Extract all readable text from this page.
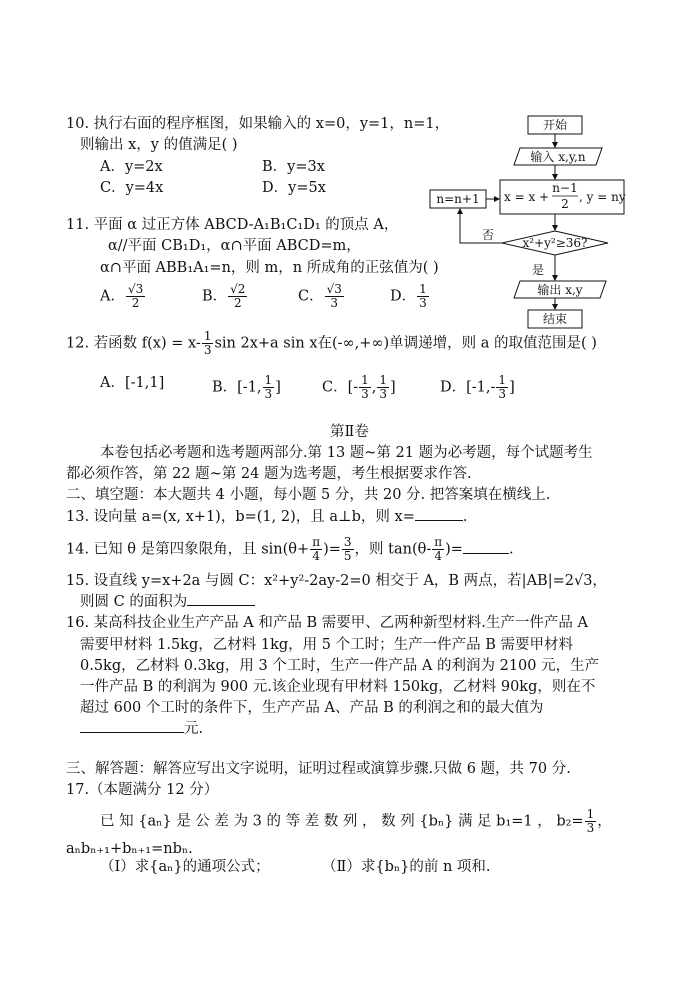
10. 执行右面的程序框图，如果输入的 x=0，y=1，n=1，
则输出 x，y 的值满足( )
A．y=2x	B．y=3x
C．y=4x	D．y=5x
11. 平面 α 过正方体 ABCD-A₁B₁C₁D₁ 的顶点 A，
α//平面 CB₁D₁，α∩平面 ABCD=m，
α∩平面 ABB₁A₁=n，则 m，n 所成角的正弦值为( )
A． $\frac{√3}{2}$	B． $\frac{√2}{2}$	C． $\frac{√3}{3}$	D． $\frac{1}{3}$
12. 若函数 $f(x) = x- \frac{1}{3}$ sin 2x+a sin x在(-∞,+∞)单调递增，则 a 的取值范围是( )
A．[-1,1]	B．[-1, $\frac{1}{3}$ ]	C．[- $\frac{1}{3}$ , $\frac{1}{3}$ ]	D．[$-1,- \frac{1}{3}$ ]
第Ⅱ卷
本卷包括必考题和选考题两部分.第 13 题~第 21 题为必考题，每个试题考生
都必须作答，第 22 题~第 24 题为选考题，考生根据要求作答.
二、填空题：本大题共 4 小题，每小题 5 分，共 20 分. 把答案填在横线上.
13. 设向量 a=(x, x+1)，b=(1, 2)，且 a⊥b，则 x=	.
14. 已知 θ 是第四象限角，且 $\sin(\theta+ \frac{\pi}{4}$ )= $\frac{3}{5}$ ，则 $\tan(\theta- \frac{\pi}{4}$ )=	.
15. 设直线 y=x+2a 与圆 C：x²+y²-2ay-2=0 相交于 A，B 两点，若|AB|=2√3，
则圆 C 的面积为
16. 某高科技企业生产产品 A 和产品 B 需要甲、乙两种新型材料.生产一件产品 A
需要甲材料 1.5kg，乙材料 1kg，用 5 个工时；生产一件产品 B 需要甲材料
0.5kg，乙材料 0.3kg，用 3 个工时，生产一件产品 A 的利润为 2100 元，生产
一件产品 B 的利润为 900 元.该企业现有甲材料 150kg，乙材料 90kg，则在不
超过 600 个工时的条件下，生产产品 A、产品 B 的利润之和的最大值为
元.
三、解答题：解答应写出文字说明，证明过程或演算步骤.只做 6 题，共 70 分.
17.（本题满分 12 分）
已 知 {aₙ} 是 公 差 为 3 的 等 差 数 列 ， 数 列 {bₙ} 满 足 b₁=1 ， $b_2= \frac{1}{3}$ ，
aₙbₙ₊₁+bₙ₊₁=nbₙ.
（Ⅰ）求{aₙ}的通项公式；	（Ⅱ）求{bₙ}的前 n 项和.
开始
输入 x,y,n
x = x +
n−1
2 , y = ny
n=n+1
x²+y²≥36?
否
是
输出 x,y
结束
